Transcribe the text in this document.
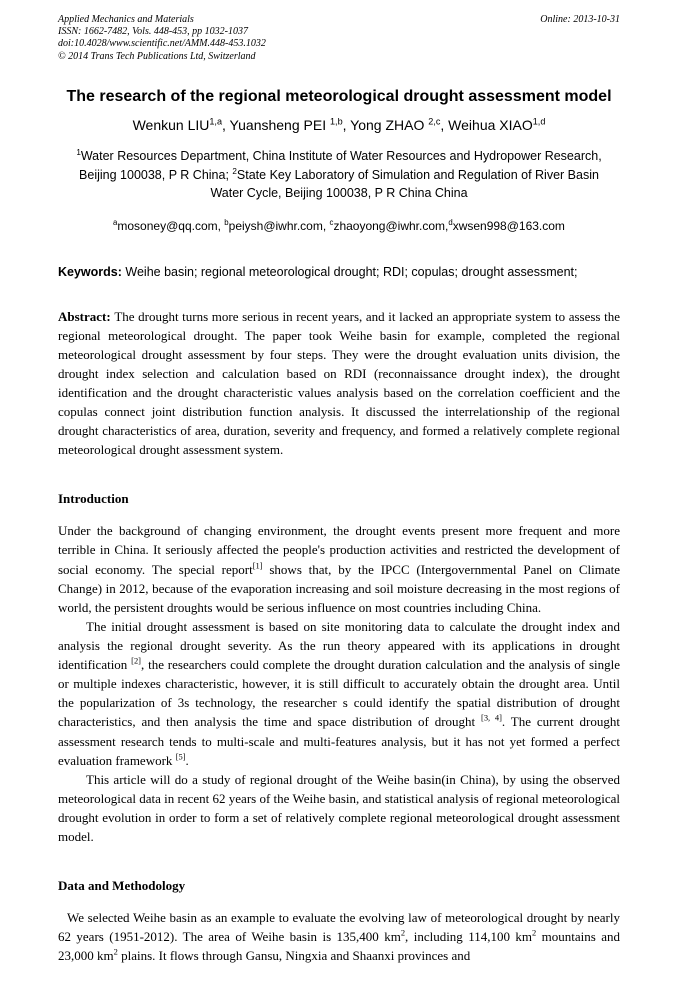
Applied Mechanics and Materials
ISSN: 1662-7482, Vols. 448-453, pp 1032-1037
doi:10.4028/www.scientific.net/AMM.448-453.1032
© 2014 Trans Tech Publications Ltd, Switzerland
Online: 2013-10-31
The research of the regional meteorological drought assessment model
Wenkun LIU$^{1,a}$, Yuansheng PEI $^{1,b}$, Yong ZHAO $^{2,c}$, Weihua XIAO$^{1,d}$
$^1$Water Resources Department, China Institute of Water Resources and Hydropower Research, Beijing 100038, P R China; $^2$State Key Laboratory of Simulation and Regulation of River Basin Water Cycle, Beijing 100038, P R China China
$^a$mosoney@qq.com, $^b$peiysh@iwhr.com, $^c$zhaoyong@iwhr.com,$^d$xwsen998@163.com

Keywords: Weihe basin; regional meteorological drought; RDI; copulas; drought assessment;

Abstract: The drought turns more serious in recent years, and it lacked an appropriate system to assess the regional meteorological drought. The paper took Weihe basin for example, completed the regional meteorological drought assessment by four steps. They were the drought evaluation units division, the drought index selection and calculation based on RDI (reconnaissance drought index), the drought identification and the drought characteristic values analysis based on the correlation coefficient and the copulas connect joint distribution function analysis. It discussed the interrelationship of the regional drought characteristics of area, duration, severity and frequency, and formed a relatively complete regional meteorological drought assessment system.

Introduction

Under the background of changing environment, the drought events present more frequent and more terrible in China. It seriously affected the people's production activities and restricted the development of social economy. The special report[1] shows that, by the IPCC (Intergovernmental Panel on Climate Change) in 2012, because of the evaporation increasing and soil moisture decreasing in the most regions of world, the persistent droughts would be serious influence on most countries including China.

The initial drought assessment is based on site monitoring data to calculate the drought index and analysis the regional drought severity. As the run theory appeared with its applications in drought identification [2], the researchers could complete the drought duration calculation and the analysis of single or multiple indexes characteristic, however, it is still difficult to accurately obtain the drought area. Until the popularization of 3s technology, the researcher s could identify the spatial distribution of drought characteristics, and then analysis the time and space distribution of drought [3, 4]. The current drought assessment research tends to multi-scale and multi-features analysis, but it has not yet formed a perfect evaluation framework [5].

This article will do a study of regional drought of the Weihe basin(in China), by using the observed meteorological data in recent 62 years of the Weihe basin, and statistical analysis of regional meteorological drought evolution in order to form a set of relatively complete regional meteorological drought assessment model.

Data and Methodology

We selected Weihe basin as an example to evaluate the evolving law of meteorological drought by nearly 62 years (1951-2012). The area of Weihe basin is 135,400 $km^2$, including 114,100 $km^2$ mountains and 23,000 $km^2$ plains. It flows through Gansu, Ningxia and Shaanxi provinces and
